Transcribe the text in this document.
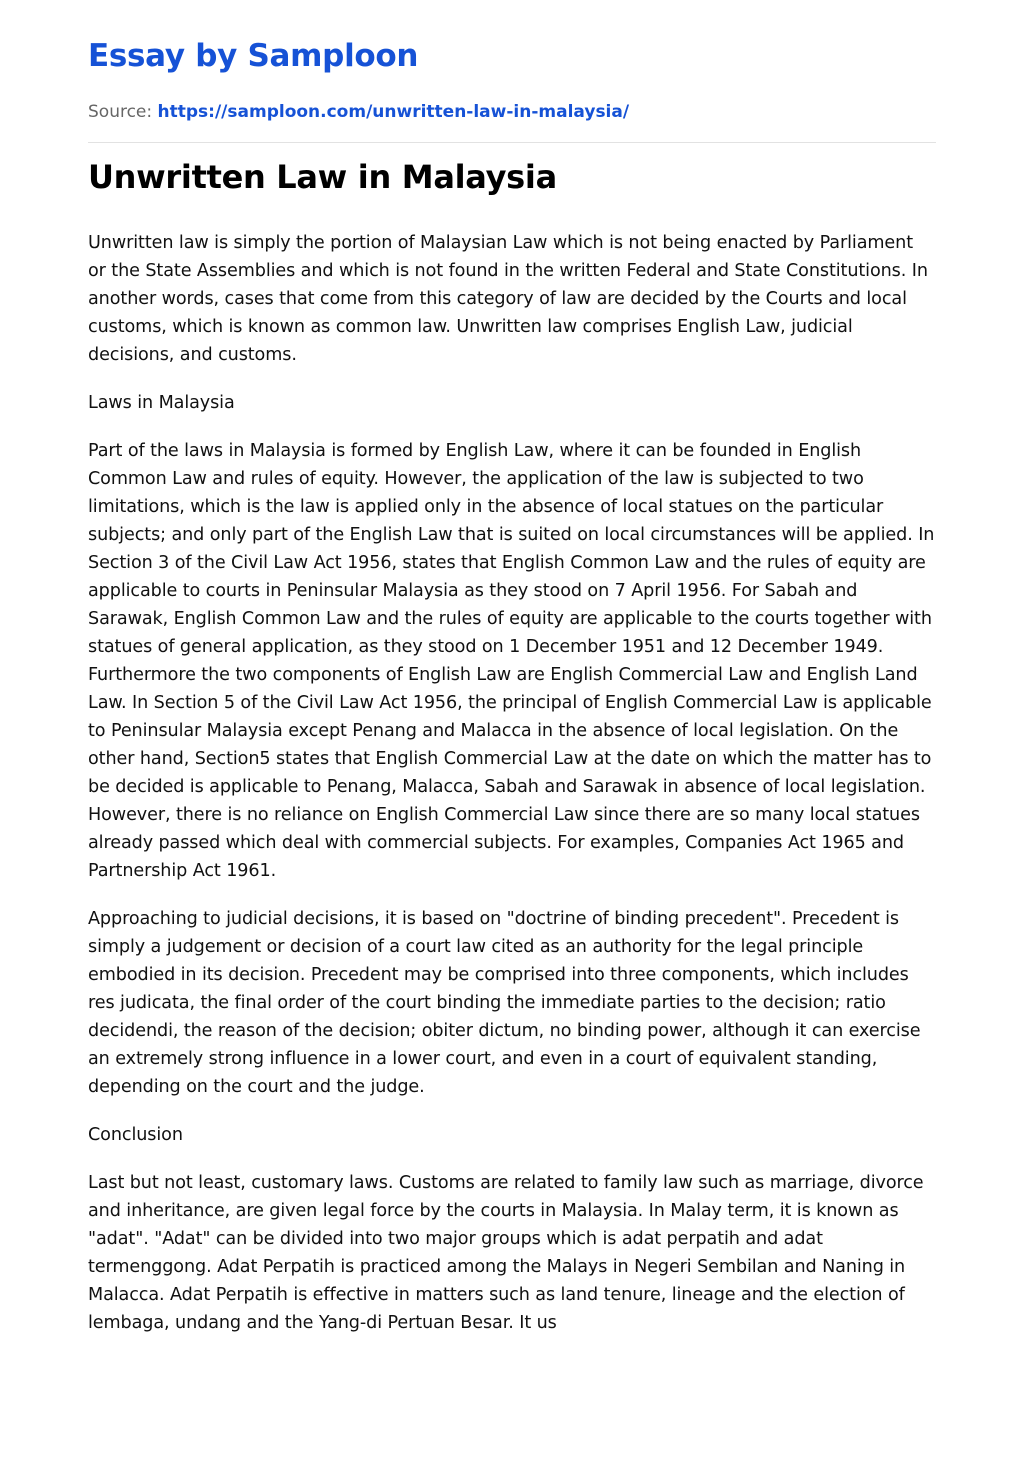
Essay by Samploon
Source: https://samploon.com/unwritten-law-in-malaysia/
Unwritten Law in Malaysia

Unwritten law is simply the portion of Malaysian Law which is not being enacted by Parliament or the State Assemblies and which is not found in the written Federal and State Constitutions. In another words, cases that come from this category of law are decided by the Courts and local customs, which is known as common law. Unwritten law comprises English Law, judicial decisions, and customs.

Laws in Malaysia

Part of the laws in Malaysia is formed by English Law, where it can be founded in English Common Law and rules of equity. However, the application of the law is subjected to two limitations, which is the law is applied only in the absence of local statues on the particular subjects; and only part of the English Law that is suited on local circumstances will be applied. In Section 3 of the Civil Law Act 1956, states that English Common Law and the rules of equity are applicable to courts in Peninsular Malaysia as they stood on 7 April 1956. For Sabah and Sarawak, English Common Law and the rules of equity are applicable to the courts together with statues of general application, as they stood on 1 December 1951 and 12 December 1949. Furthermore the two components of English Law are English Commercial Law and English Land Law. In Section 5 of the Civil Law Act 1956, the principal of English Commercial Law is applicable to Peninsular Malaysia except Penang and Malacca in the absence of local legislation. On the other hand, Section5 states that English Commercial Law at the date on which the matter has to be decided is applicable to Penang, Malacca, Sabah and Sarawak in absence of local legislation. However, there is no reliance on English Commercial Law since there are so many local statues already passed which deal with commercial subjects. For examples, Companies Act 1965 and Partnership Act 1961.

Approaching to judicial decisions, it is based on "doctrine of binding precedent". Precedent is simply a judgement or decision of a court law cited as an authority for the legal principle embodied in its decision. Precedent may be comprised into three components, which includes res judicata, the final order of the court binding the immediate parties to the decision; ratio decidendi, the reason of the decision; obiter dictum, no binding power, although it can exercise an extremely strong influence in a lower court, and even in a court of equivalent standing, depending on the court and the judge.

Conclusion

Last but not least, customary laws. Customs are related to family law such as marriage, divorce and inheritance, are given legal force by the courts in Malaysia. In Malay term, it is known as "adat". "Adat" can be divided into two major groups which is adat perpatih and adat termenggong. Adat Perpatih is practiced among the Malays in Negeri Sembilan and Naning in Malacca. Adat Perpatih is effective in matters such as land tenure, lineage and the election of lembaga, undang and the Yang-di Pertuan Besar. It us
